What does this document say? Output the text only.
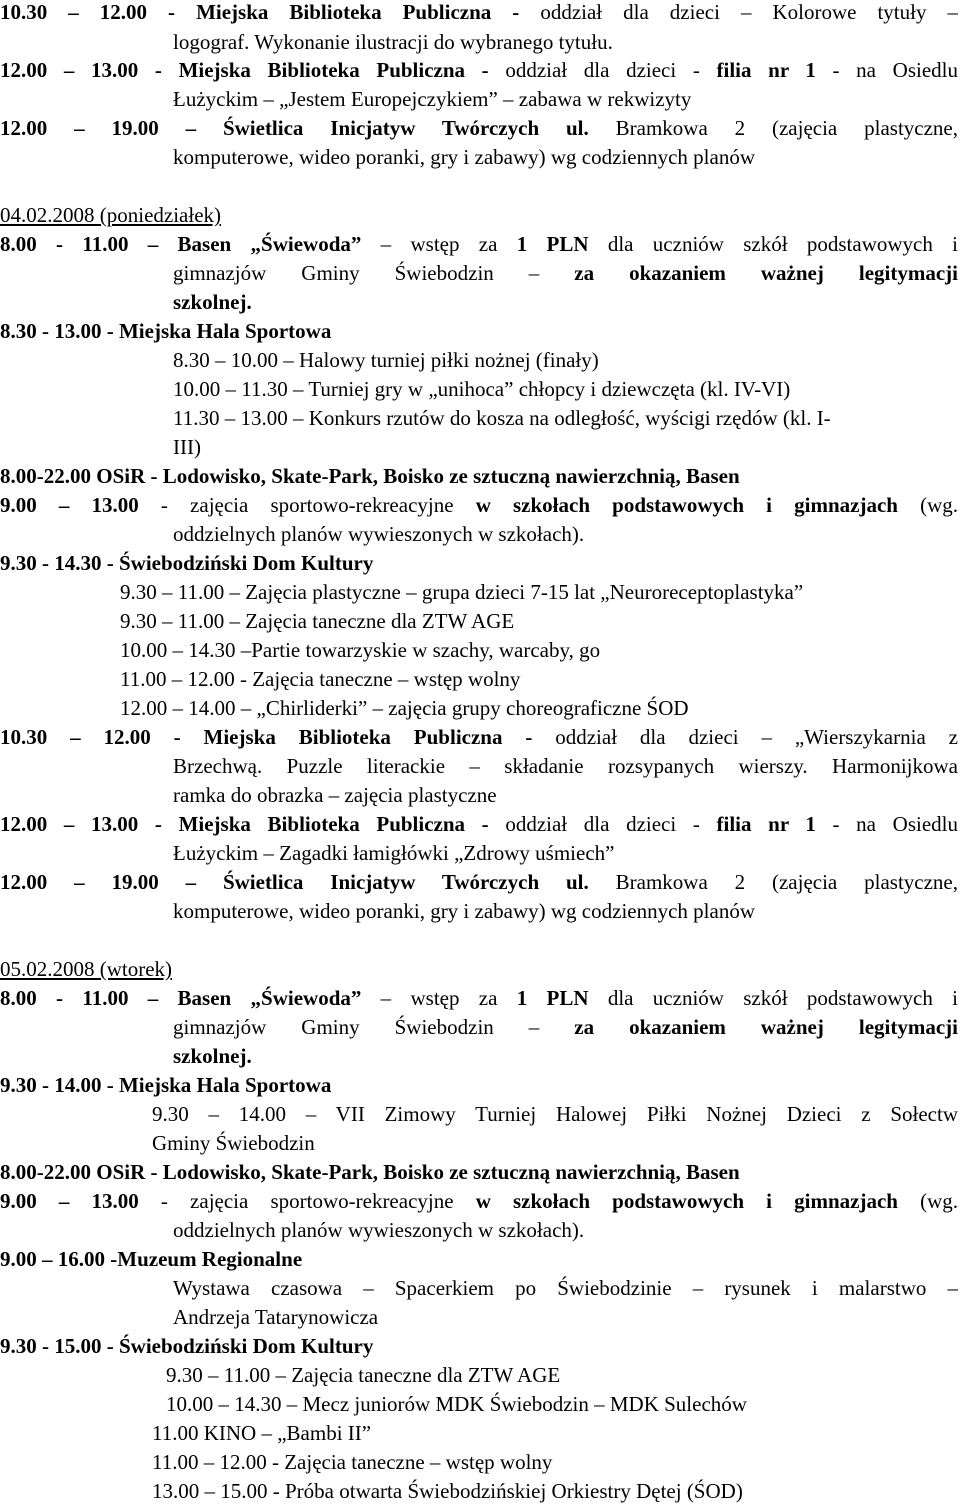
10.30 – 12.00 - Miejska Biblioteka Publiczna - oddział dla dzieci – Kolorowe tytuły –
logograf. Wykonanie ilustracji do wybranego tytułu.
12.00 – 13.00 - Miejska Biblioteka Publiczna - oddział dla dzieci - filia nr 1 - na Osiedlu
Łużyckim – „Jestem Europejczykiem” – zabawa w rekwizyty
12.00 – 19.00 – Świetlica Inicjatyw Twórczych ul. Bramkowa 2 (zajęcia plastyczne,
komputerowe, wideo poranki, gry i zabawy) wg codziennych planów
04.02.2008 (poniedziałek)
8.00 - 11.00 – Basen „Świewoda” – wstęp za 1 PLN dla uczniów szkół podstawowych i
gimnazjów Gminy Świebodzin – za okazaniem ważnej legitymacji
szkolnej.
8.30 - 13.00 - Miejska Hala Sportowa
8.30 – 10.00 – Halowy turniej piłki nożnej (finały)
10.00 – 11.30 – Turniej gry w „unihoca” chłopcy i dziewczęta (kl. IV-VI)
11.30 – 13.00 – Konkurs rzutów do kosza na odległość, wyścigi rzędów (kl. I-
III)
8.00-22.00 OSiR - Lodowisko, Skate-Park, Boisko ze sztuczną nawierzchnią, Basen
9.00 – 13.00 - zajęcia sportowo-rekreacyjne w szkołach podstawowych i gimnazjach (wg.
oddzielnych planów wywieszonych w szkołach).
9.30 - 14.30 - Świebodziński Dom Kultury
9.30 – 11.00 – Zajęcia plastyczne – grupa dzieci 7-15 lat „Neuroreceptoplastyka”
9.30 – 11.00 – Zajęcia taneczne dla ZTW AGE
10.00 – 14.30 –Partie towarzyskie w szachy, warcaby, go
11.00 – 12.00 - Zajęcia taneczne – wstęp wolny
12.00 – 14.00 – „Chirliderki” – zajęcia grupy choreograficzne ŚOD
10.30 – 12.00 - Miejska Biblioteka Publiczna - oddział dla dzieci – „Wierszykarnia z
Brzechwą. Puzzle literackie – składanie rozsypanych wierszy. Harmonijkowa
ramka do obrazka – zajęcia plastyczne
12.00 – 13.00 - Miejska Biblioteka Publiczna - oddział dla dzieci - filia nr 1 - na Osiedlu
Łużyckim – Zagadki łamigłówki „Zdrowy uśmiech”
12.00 – 19.00 – Świetlica Inicjatyw Twórczych ul. Bramkowa 2 (zajęcia plastyczne,
komputerowe, wideo poranki, gry i zabawy) wg codziennych planów
05.02.2008 (wtorek)
8.00 - 11.00 – Basen „Świewoda” – wstęp za 1 PLN dla uczniów szkół podstawowych i
gimnazjów Gminy Świebodzin – za okazaniem ważnej legitymacji
szkolnej.
9.30 - 14.00 - Miejska Hala Sportowa
9.30 – 14.00 – VII Zimowy Turniej Halowej Piłki Nożnej Dzieci z Sołectw
Gminy Świebodzin
8.00-22.00 OSiR - Lodowisko, Skate-Park, Boisko ze sztuczną nawierzchnią, Basen
9.00 – 13.00 - zajęcia sportowo-rekreacyjne w szkołach podstawowych i gimnazjach (wg.
oddzielnych planów wywieszonych w szkołach).
9.00 – 16.00 -Muzeum Regionalne
Wystawa czasowa – Spacerkiem po Świebodzinie – rysunek i malarstwo –
Andrzeja Tatarynowicza
9.30 - 15.00 - Świebodziński Dom Kultury
9.30 – 11.00 – Zajęcia taneczne dla ZTW AGE
10.00 – 14.30 – Mecz juniorów MDK Świebodzin – MDK Sulechów
11.00 KINO – „Bambi II”
11.00 – 12.00 - Zajęcia taneczne – wstęp wolny
13.00 – 15.00 - Próba otwarta Świebodzińskiej Orkiestry Dętej (ŚOD)
